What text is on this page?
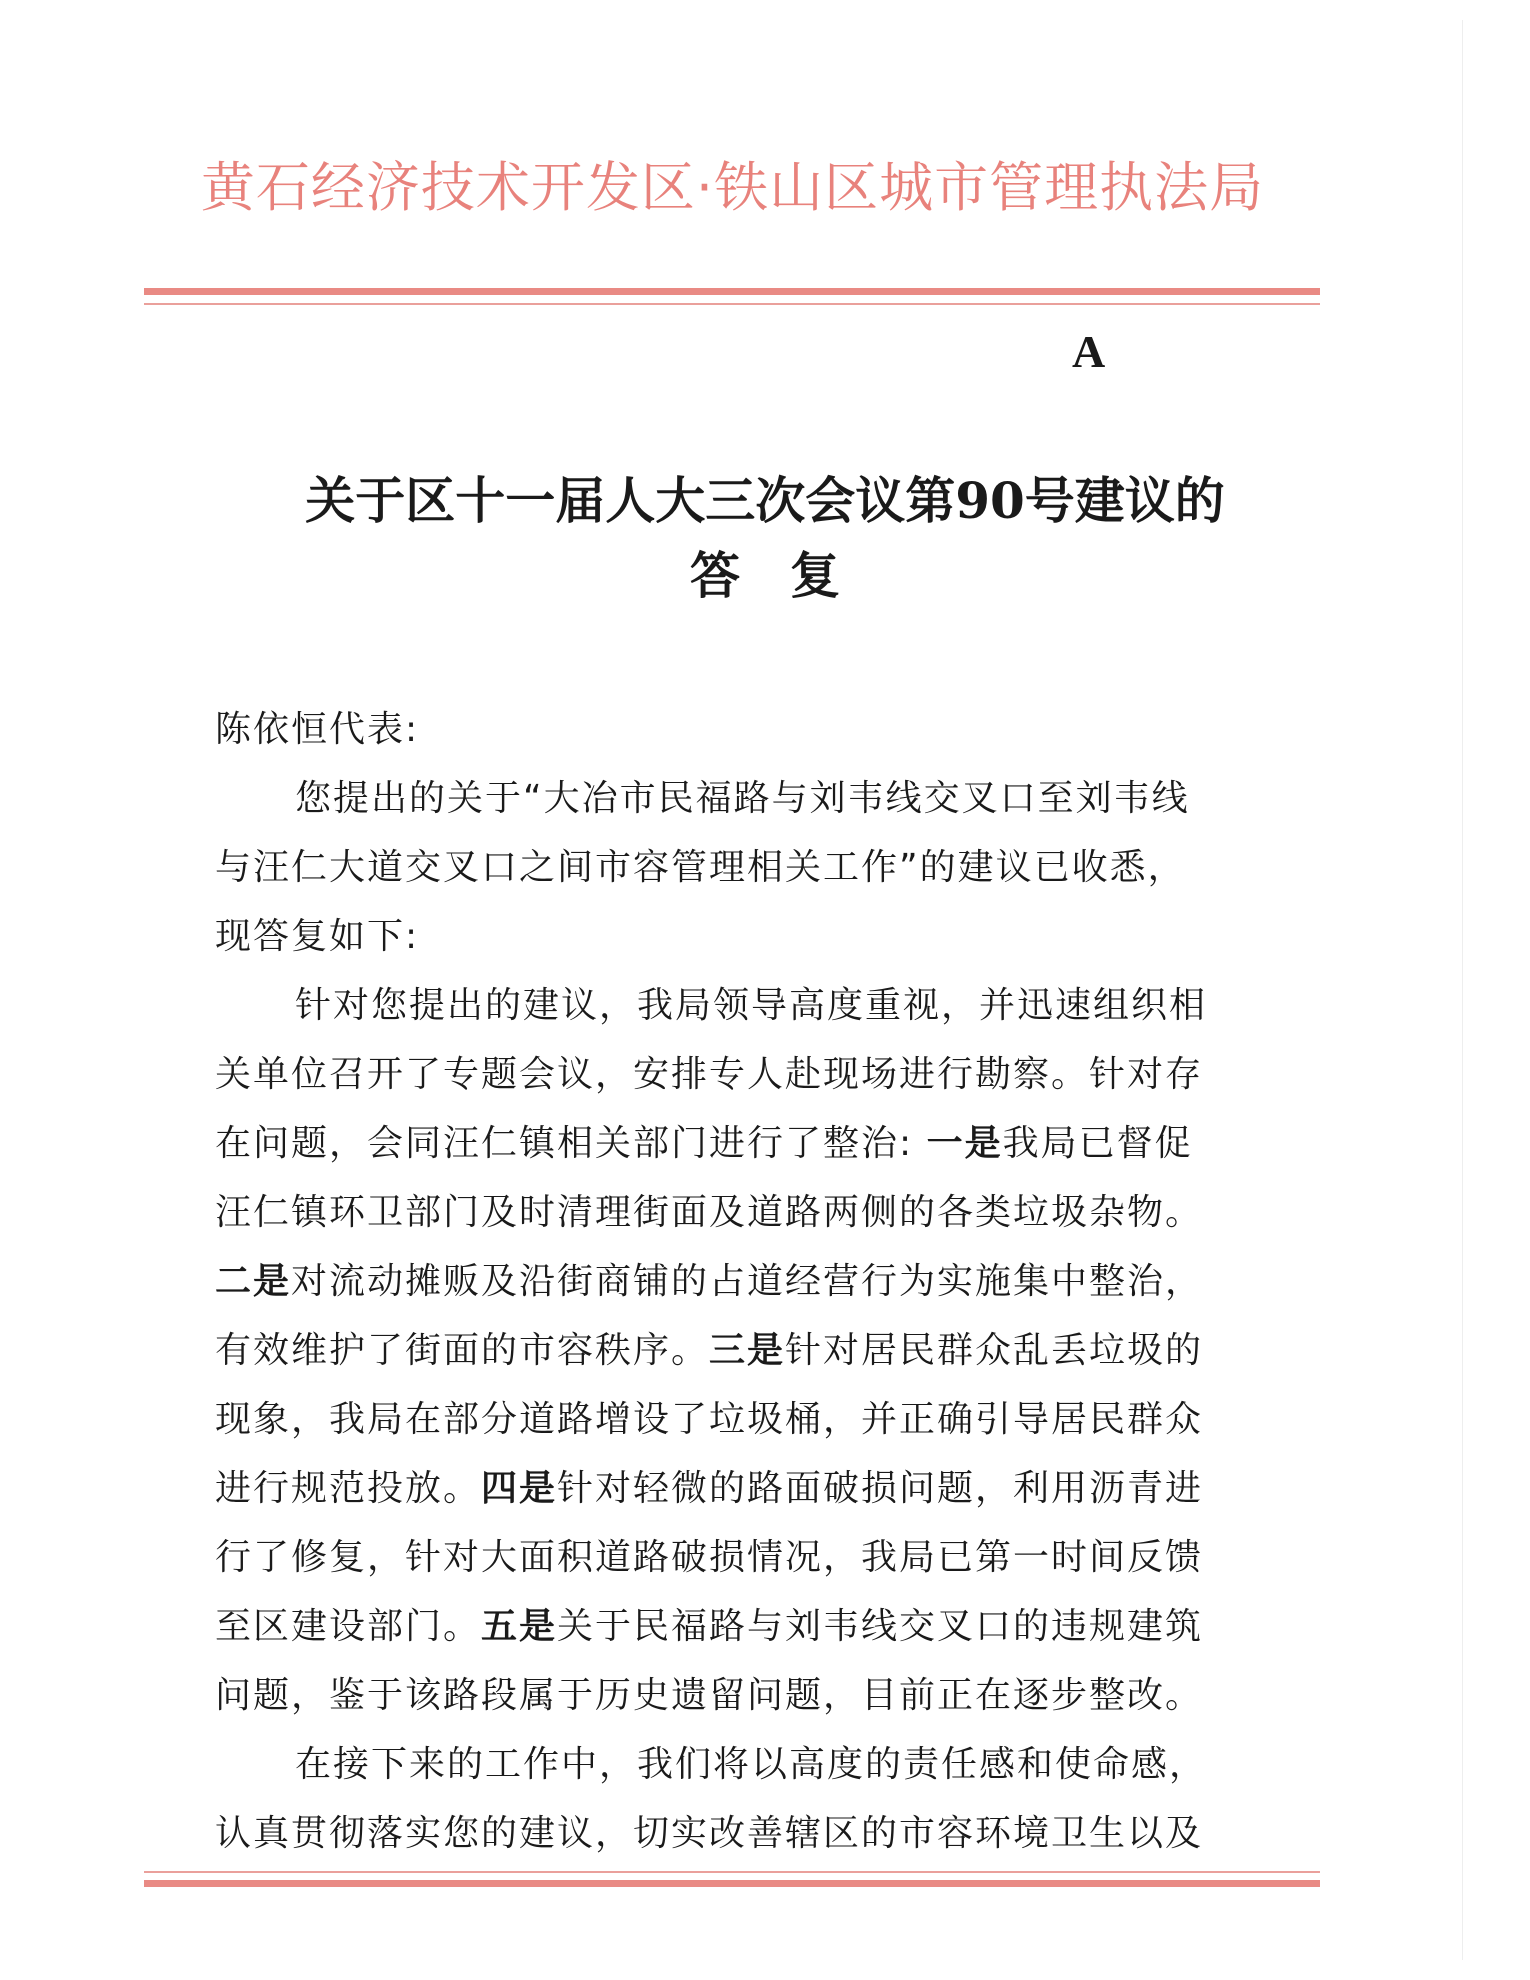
黄石经济技术开发区·铁山区城市管理执法局
A
关于区十一届人大三次会议第90号建议的
答复
陈依恒代表:
您提出的关于“大冶市民福路与刘韦线交叉口至刘韦线
与汪仁大道交叉口之间市容管理相关工作”的建议已收悉，
现答复如下:
针对您提出的建议，我局领导高度重视，并迅速组织相
关单位召开了专题会议，安排专人赴现场进行勘察。针对存
在问题，会同汪仁镇相关部门进行了整治: 一是我局已督促
汪仁镇环卫部门及时清理街面及道路两侧的各类垃圾杂物。
二是对流动摊贩及沿街商铺的占道经营行为实施集中整治，
有效维护了街面的市容秩序。三是针对居民群众乱丢垃圾的
现象，我局在部分道路增设了垃圾桶，并正确引导居民群众
进行规范投放。四是针对轻微的路面破损问题，利用沥青进
行了修复，针对大面积道路破损情况，我局已第一时间反馈
至区建设部门。五是关于民福路与刘韦线交叉口的违规建筑
问题，鉴于该路段属于历史遗留问题，目前正在逐步整改。
在接下来的工作中，我们将以高度的责任感和使命感，
认真贯彻落实您的建议，切实改善辖区的市容环境卫生以及
